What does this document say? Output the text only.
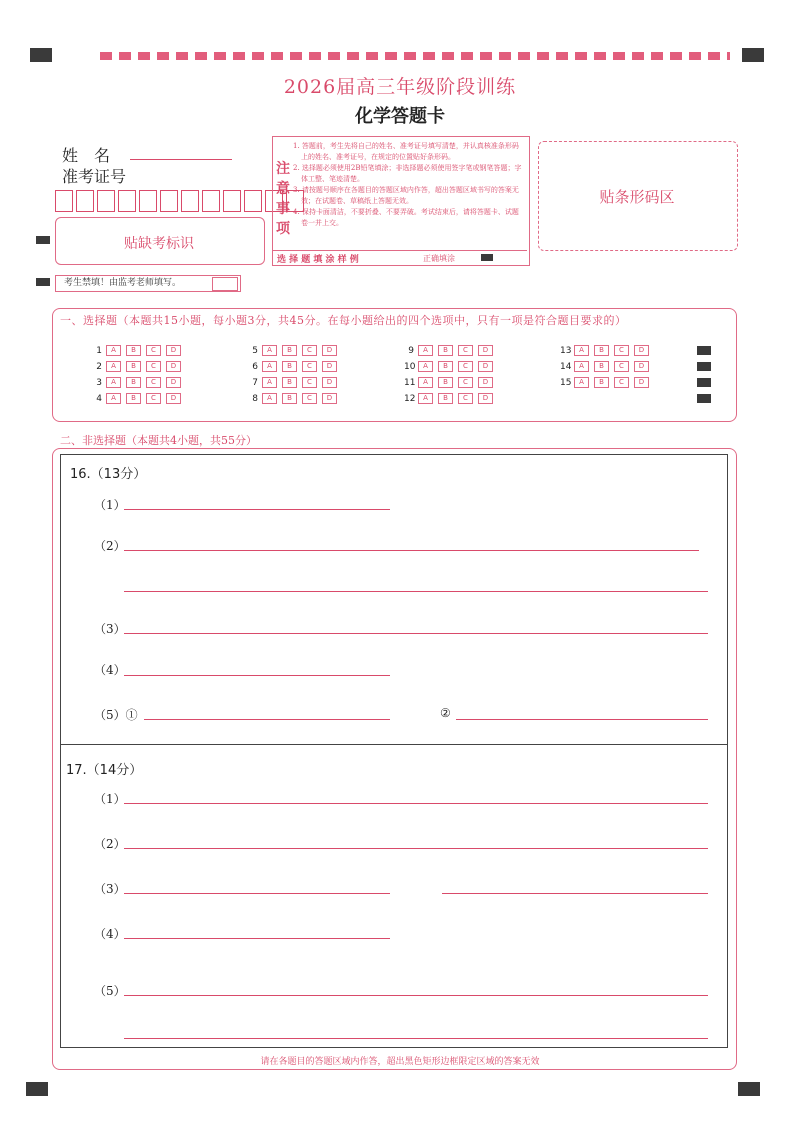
2026届高三年级阶段训练
化学答题卡
姓　名
准考证号
贴缺考标识
注
意
事
项
1. 答题前，考生先将自己的姓名、准考证号填写清楚，并认真核准条形码上的姓名、准考证号，在规定的位置贴好条形码。
2. 选择题必须使用2B铅笔填涂；非选择题必须使用签字笔或钢笔答题；字体工整、笔迹清楚。
3. 请按题号顺序在各题目的答题区域内作答，超出答题区域书写的答案无效；在试题卷、草稿纸上答题无效。
4. 保持卡面清洁，不要折叠、不要弄破。考试结束后，请将答题卡、试题卷一并上交。
选 择 题 填 涂 样 例	正确填涂
贴条形码区
考生禁填！由监考老师填写。
一、选择题（本题共15小题，每小题3分，共45分。在每小题给出的四个选项中，只有一项是符合题目要求的）
1	A	B	C	D
2	A	B	C	D
3	A	B	C	D
4	A	B	C	D
5	A	B	C	D
6	A	B	C	D
7	A	B	C	D
8	A	B	C	D
9	A	B	C	D
10	A	B	C	D
11	A	B	C	D
12	A	B	C	D
13	A	B	C	D
14	A	B	C	D
15	A	B	C	D
二、非选择题（本题共4小题，共55分）
16.（13分）
（1）
（2）
（3）
（4）
（5）①	②
17.（14分）
（1）
（2）
（3）
（4）
（5）
请在各题目的答题区域内作答，超出黑色矩形边框限定区域的答案无效
